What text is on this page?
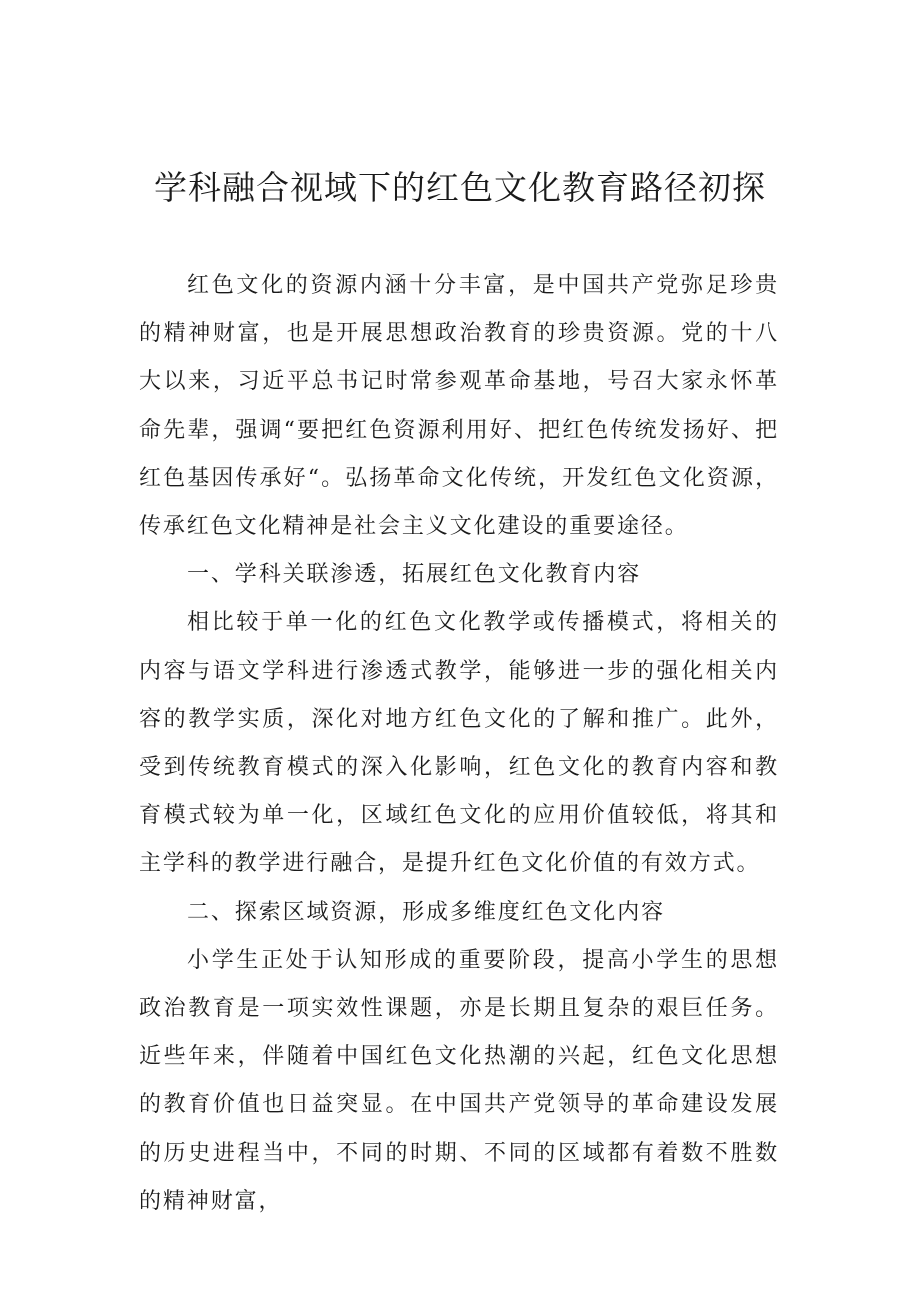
学科融合视域下的红色文化教育路径初探

红色文化的资源内涵十分丰富，是中国共产党弥足珍贵的精神财富，也是开展思想政治教育的珍贵资源。党的十八大以来，习近平总书记时常参观革命基地，号召大家永怀革命先辈，强调“要把红色资源利用好、把红色传统发扬好、把红色基因传承好“。弘扬革命文化传统，开发红色文化资源，传承红色文化精神是社会主义文化建设的重要途径。

一、学科关联渗透，拓展红色文化教育内容

相比较于单一化的红色文化教学或传播模式，将相关的内容与语文学科进行渗透式教学，能够进一步的强化相关内容的教学实质，深化对地方红色文化的了解和推广。此外，受到传统教育模式的深入化影响，红色文化的教育内容和教育模式较为单一化，区域红色文化的应用价值较低，将其和主学科的教学进行融合，是提升红色文化价值的有效方式。

二、探索区域资源，形成多维度红色文化内容

小学生正处于认知形成的重要阶段，提高小学生的思想政治教育是一项实效性课题，亦是长期且复杂的艰巨任务。近些年来，伴随着中国红色文化热潮的兴起，红色文化思想的教育价值也日益突显。在中国共产党领导的革命建设发展的历史进程当中，不同的时期、不同的区域都有着数不胜数的精神财富，
